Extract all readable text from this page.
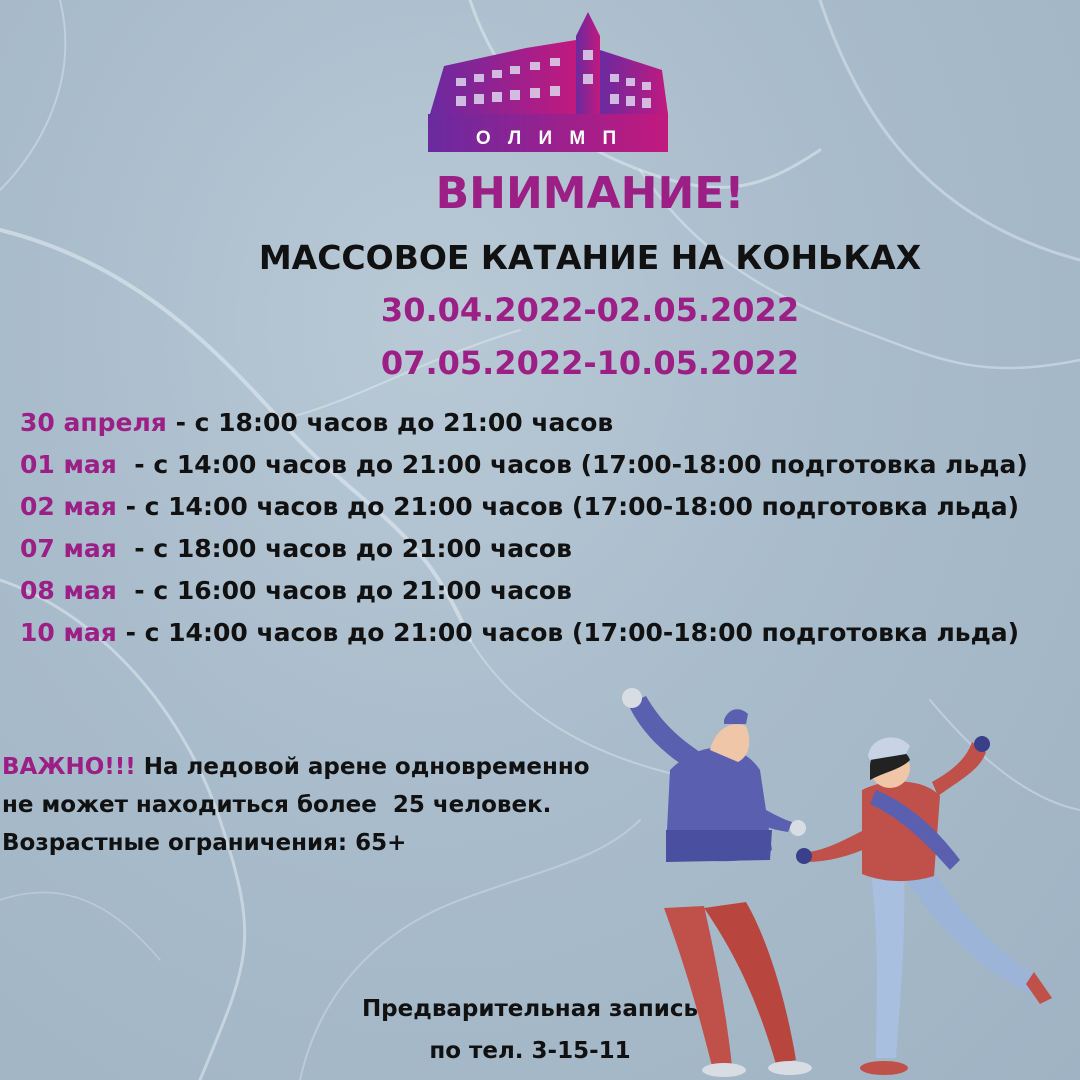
О Л И М П
ВНИМАНИЕ!
МАССОВОЕ КАТАНИЕ НА КОНЬКАХ
30.04.2022-02.05.2022
07.05.2022-10.05.2022
30 апреля - с 18:00 часов до 21:00 часов
01 мая  - с 14:00 часов до 21:00 часов (17:00-18:00 подготовка льда)
02 мая - с 14:00 часов до 21:00 часов (17:00-18:00 подготовка льда)
07 мая  - с 18:00 часов до 21:00 часов
08 мая  - с 16:00 часов до 21:00 часов
10 мая - с 14:00 часов до 21:00 часов (17:00-18:00 подготовка льда)
ВАЖНО!!! На ледовой арене одновременно
не может находиться более  25 человек.
Возрастные ограничения: 65+
Предварительная запись
по тел. 3-15-11
